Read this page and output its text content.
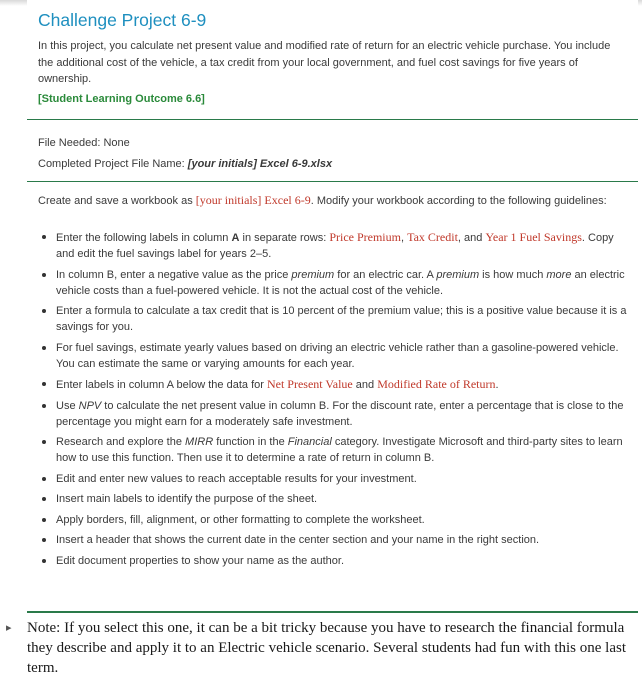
Challenge Project 6-9
In this project, you calculate net present value and modified rate of return for an electric vehicle purchase. You include the additional cost of the vehicle, a tax credit from your local government, and fuel cost savings for five years of ownership.
[Student Learning Outcome 6.6]
File Needed: None
Completed Project File Name: [your initials] Excel 6-9.xlsx
Create and save a workbook as [your initials] Excel 6-9. Modify your workbook according to the following guidelines:
Enter the following labels in column A in separate rows: Price Premium, Tax Credit, and Year 1 Fuel Savings. Copy and edit the fuel savings label for years 2–5.
In column B, enter a negative value as the price premium for an electric car. A premium is how much more an electric vehicle costs than a fuel-powered vehicle. It is not the actual cost of the vehicle.
Enter a formula to calculate a tax credit that is 10 percent of the premium value; this is a positive value because it is a savings for you.
For fuel savings, estimate yearly values based on driving an electric vehicle rather than a gasoline-powered vehicle. You can estimate the same or varying amounts for each year.
Enter labels in column A below the data for Net Present Value and Modified Rate of Return.
Use NPV to calculate the net present value in column B. For the discount rate, enter a percentage that is close to the percentage you might earn for a moderately safe investment.
Research and explore the MIRR function in the Financial category. Investigate Microsoft and third-party sites to learn how to use this function. Then use it to determine a rate of return in column B.
Edit and enter new values to reach acceptable results for your investment.
Insert main labels to identify the purpose of the sheet.
Apply borders, fill, alignment, or other formatting to complete the worksheet.
Insert a header that shows the current date in the center section and your name in the right section.
Edit document properties to show your name as the author.
▸ Note: If you select this one, it can be a bit tricky because you have to research the financial formula they describe and apply it to an Electric vehicle scenario. Several students had fun with this one last term.
